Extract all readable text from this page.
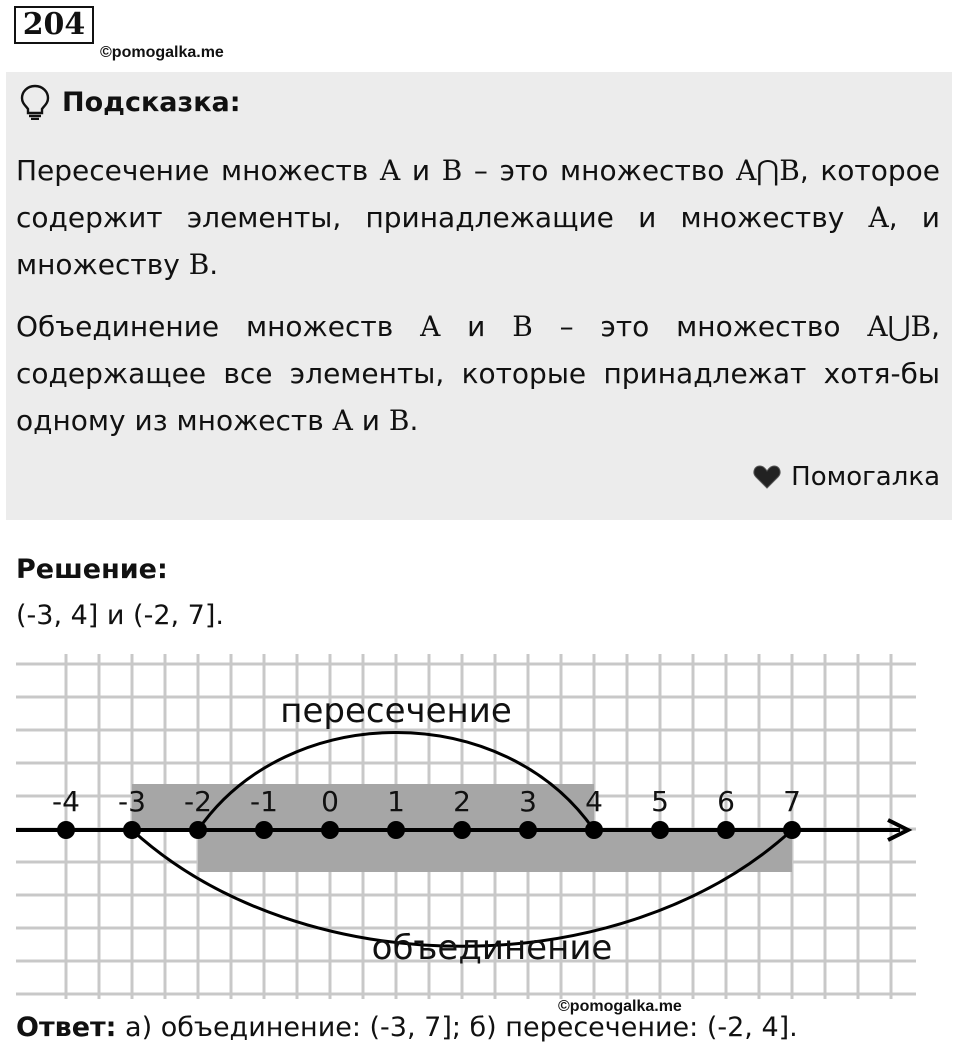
204
©pomogalka.me
Подсказка:
Пересечение множеств A и B – это множество A⋂B, которое содержит элементы, принадлежащие и множеству A, и множеству B.
Объединение множеств A и B – это множество A⋃B, содержащее все элементы, которые принадлежат хотя-бы одному из множеств A и B.
Помогалка
Решение:
(-3, 4] и (-2, 7].
-4 -3 -2 -1 0 1 2 3 4 5 6 7
пересечение
объединение
©pomogalka.me
Ответ: а) объединение: (-3, 7]; б) пересечение: (-2, 4].
